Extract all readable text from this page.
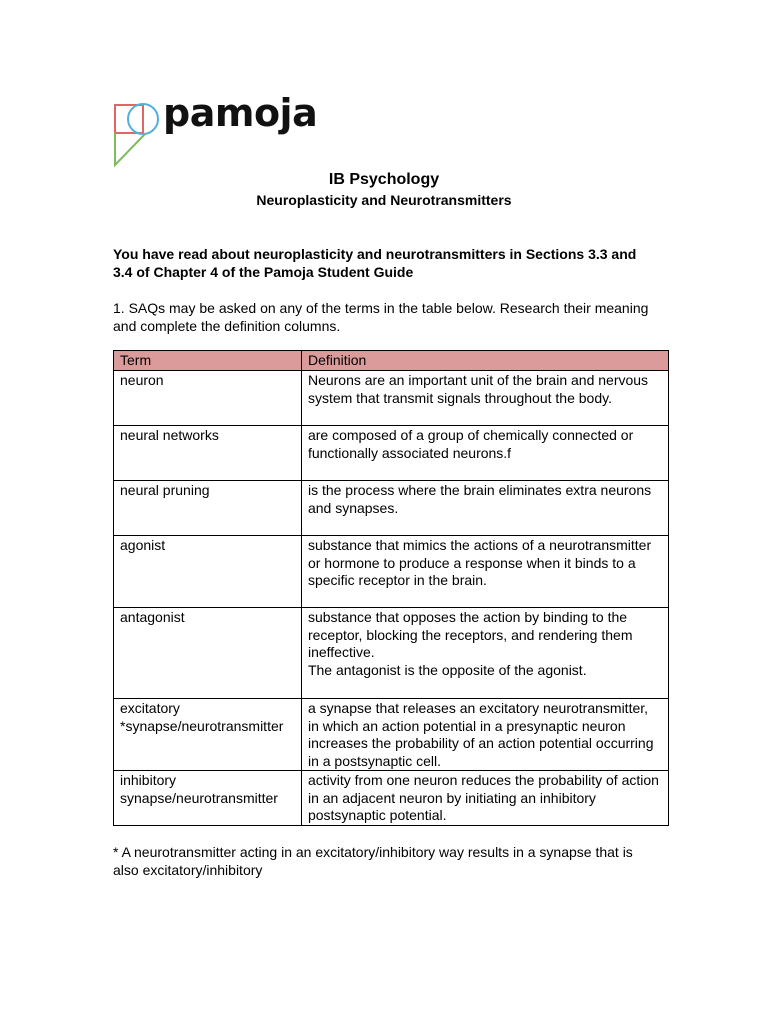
pamoja
IB Psychology
Neuroplasticity and Neurotransmitters
You have read about neuroplasticity and neurotransmitters in Sections 3.3 and 3.4 of Chapter 4 of the Pamoja Student Guide
1. SAQs may be asked on any of the terms in the table below. Research their meaning and complete the definition columns.
Term	Definition
neuron	Neurons are an important unit of the brain and nervous system that transmit signals throughout the body.

neural networks	are composed of a group of chemically connected or functionally associated neurons.f

neural pruning	is the process where the brain eliminates extra neurons and synapses.

agonist	substance that mimics the actions of a neurotransmitter or hormone to produce a response when it binds to a specific receptor in the brain.

antagonist	substance that opposes the action by binding to the receptor, blocking the receptors, and rendering them ineffective.
The antagonist is the opposite of the agonist.

excitatory *synapse/neurotransmitter	a synapse that releases an excitatory neurotransmitter, in which an action potential in a presynaptic neuron increases the probability of an action potential occurring in a postsynaptic cell.

inhibitory synapse/neurotransmitter	activity from one neuron reduces the probability of action in an adjacent neuron by initiating an inhibitory postsynaptic potential.
* A neurotransmitter acting in an excitatory/inhibitory way results in a synapse that is also excitatory/inhibitory
